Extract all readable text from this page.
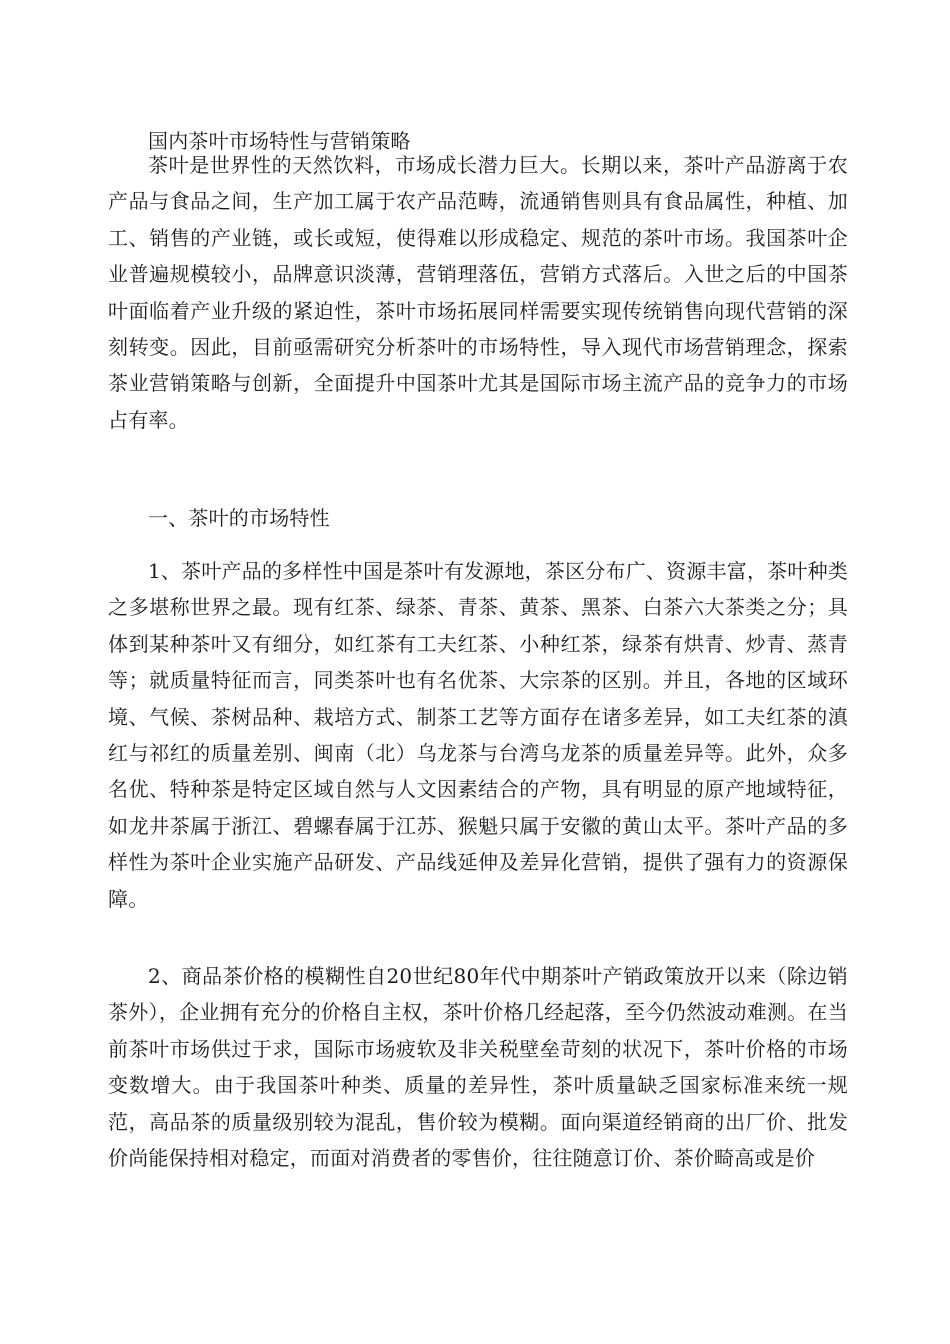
国内茶叶市场特性与营销策略

茶叶是世界性的天然饮料，市场成长潜力巨大。长期以来，茶叶产品游离于农产品与食品之间，生产加工属于农产品范畴，流通销售则具有食品属性，种植、加工、销售的产业链，或长或短，使得难以形成稳定、规范的茶叶市场。我国茶叶企业普遍规模较小，品牌意识淡薄，营销理落伍，营销方式落后。入世之后的中国茶叶面临着产业升级的紧迫性，茶叶市场拓展同样需要实现传统销售向现代营销的深刻转变。因此，目前亟需研究分析茶叶的市场特性，导入现代市场营销理念，探索茶业营销策略与创新，全面提升中国茶叶尤其是国际市场主流产品的竞争力的市场占有率。

一、茶叶的市场特性

1、茶叶产品的多样性中国是茶叶有发源地，茶区分布广、资源丰富，茶叶种类之多堪称世界之最。现有红茶、绿茶、青茶、黄茶、黑茶、白茶六大茶类之分；具体到某种茶叶又有细分，如红茶有工夫红茶、小种红茶，绿茶有烘青、炒青、蒸青等；就质量特征而言，同类茶叶也有名优茶、大宗茶的区别。并且，各地的区域环境、气候、茶树品种、栽培方式、制茶工艺等方面存在诸多差异，如工夫红茶的滇红与祁红的质量差别、闽南（北）乌龙茶与台湾乌龙茶的质量差异等。此外，众多名优、特种茶是特定区域自然与人文因素结合的产物，具有明显的原产地域特征，如龙井茶属于浙江、碧螺春属于江苏、猴魁只属于安徽的黄山太平。茶叶产品的多样性为茶叶企业实施产品研发、产品线延伸及差异化营销，提供了强有力的资源保障。

2、商品茶价格的模糊性自20世纪80年代中期茶叶产销政策放开以来（除边销茶外），企业拥有充分的价格自主权，茶叶价格几经起落，至今仍然波动难测。在当前茶叶市场供过于求，国际市场疲软及非关税壁垒苛刻的状况下，茶叶价格的市场变数增大。由于我国茶叶种类、质量的差异性，茶叶质量缺乏国家标准来统一规范，高品茶的质量级别较为混乱，售价较为模糊。面向渠道经销商的出厂价、批发价尚能保持相对稳定，而面对消费者的零售价，往往随意订价、茶价畸高或是价
